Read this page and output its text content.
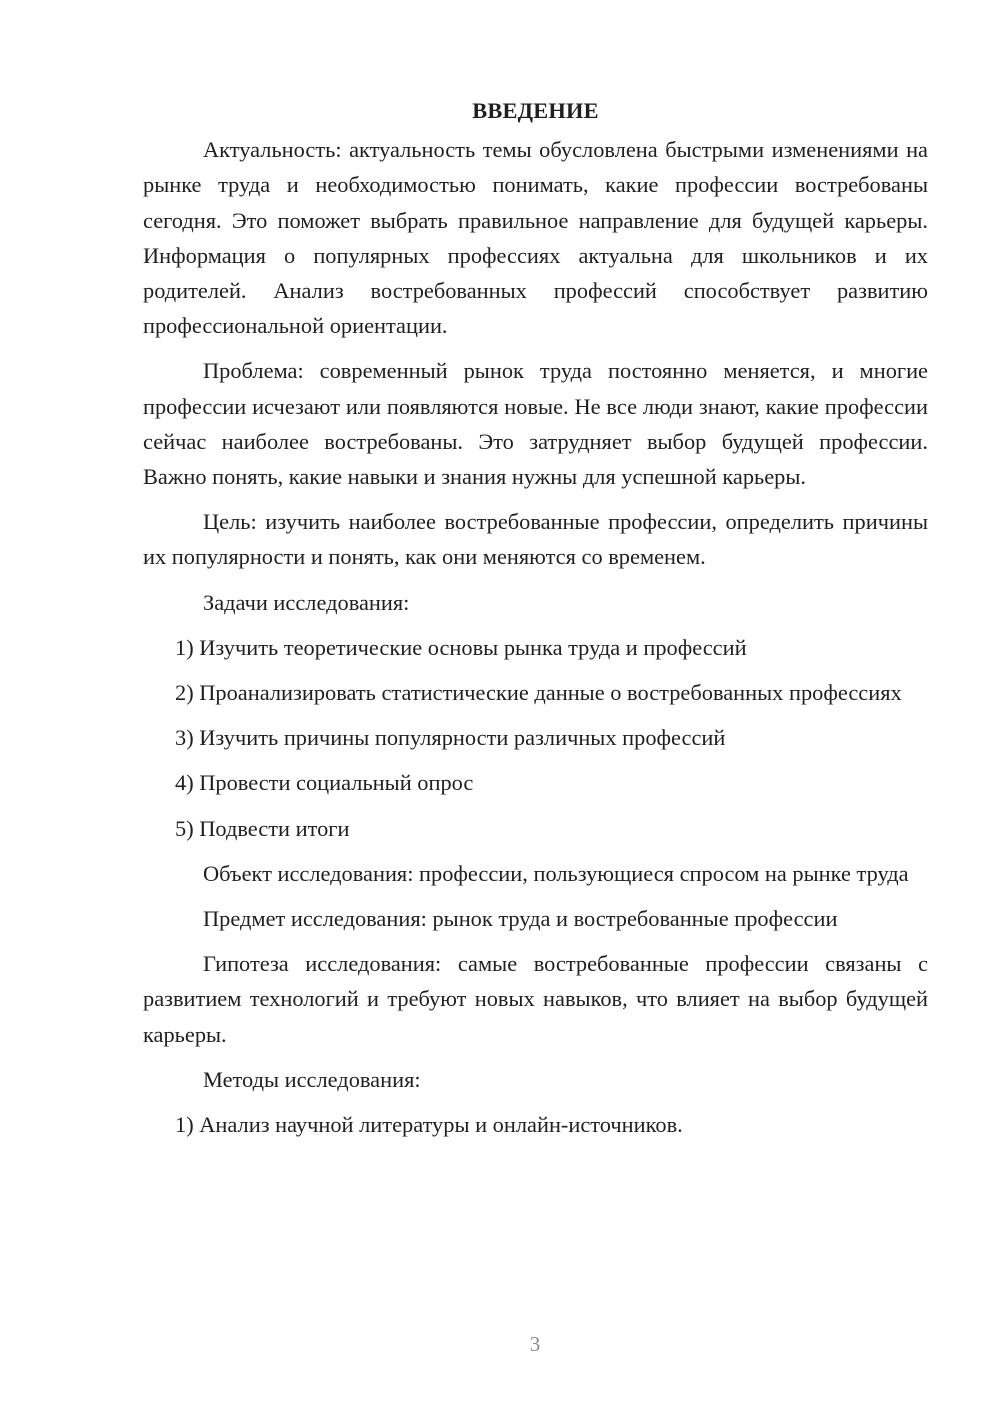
ВВЕДЕНИЕ

Актуальность: актуальность темы обусловлена быстрыми изменениями на рынке труда и необходимостью понимать, какие профессии востребованы сегодня. Это поможет выбрать правильное направление для будущей карьеры. Информация о популярных профессиях актуальна для школьников и их родителей. Анализ востребованных профессий способствует развитию профессиональной ориентации.

Проблема: современный рынок труда постоянно меняется, и многие профессии исчезают или появляются новые. Не все люди знают, какие профессии сейчас наиболее востребованы. Это затрудняет выбор будущей профессии. Важно понять, какие навыки и знания нужны для успешной карьеры.

Цель: изучить наиболее востребованные профессии, определить причины их популярности и понять, как они меняются со временем.

Задачи исследования:

1) Изучить теоретические основы рынка труда и профессий

2) Проанализировать статистические данные о востребованных профессиях

3) Изучить причины популярности различных профессий

4) Провести социальный опрос

5) Подвести итоги

Объект исследования: профессии, пользующиеся спросом на рынке труда

Предмет исследования: рынок труда и востребованные профессии

Гипотеза исследования: самые востребованные профессии связаны с развитием технологий и требуют новых навыков, что влияет на выбор будущей карьеры.

Методы исследования:

1) Анализ научной литературы и онлайн-источников.

3
